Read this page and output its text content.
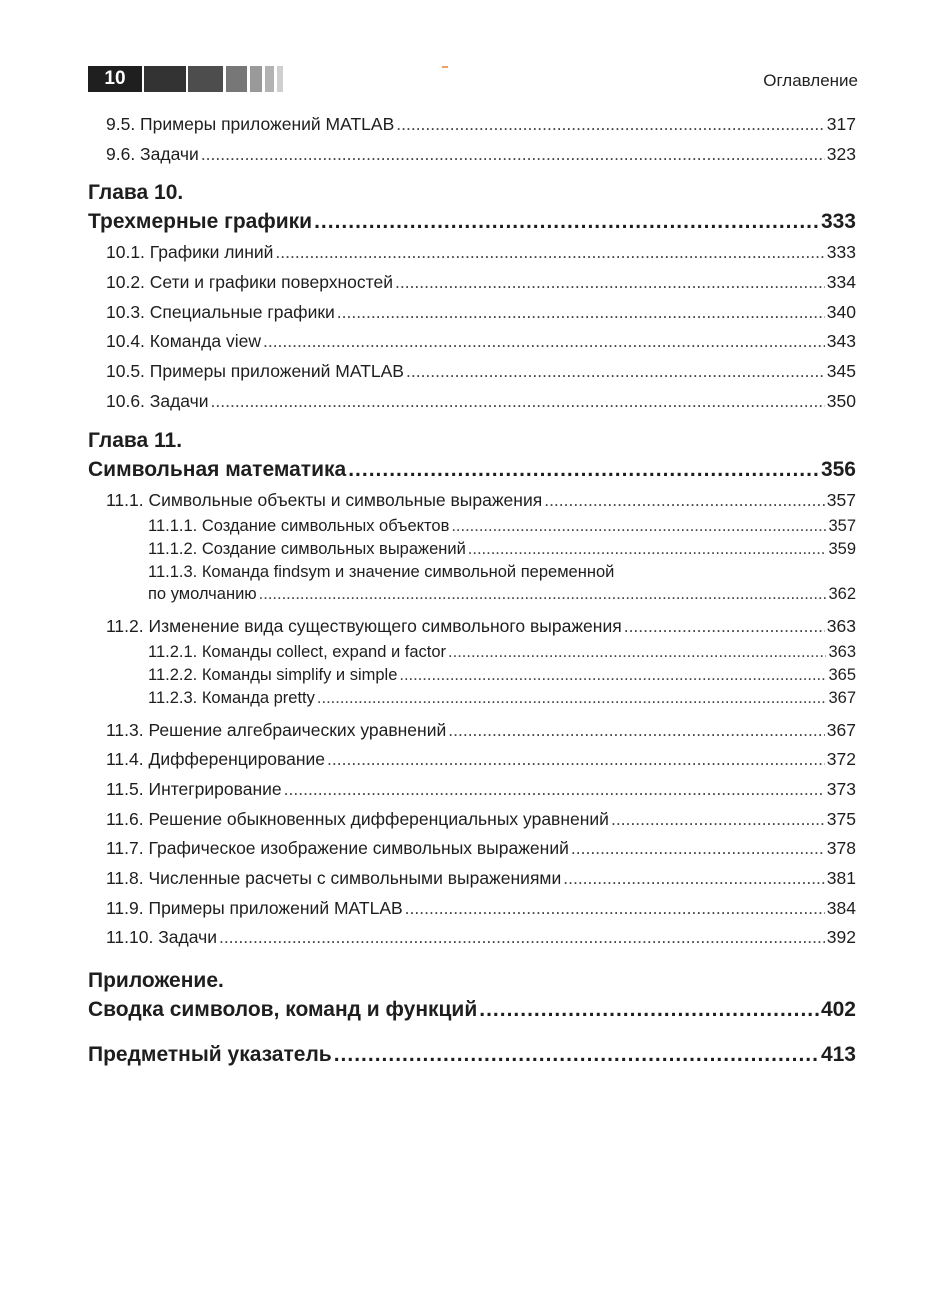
10	Оглавление
9.5. Примеры приложений MATLAB .....	317
9.6. Задачи .....	323
Глава 10.
Трехмерные графики .....	333
10.1. Графики линий .....	333
10.2. Сети и графики поверхностей .....	334
10.3. Специальные графики .....	340
10.4. Команда view .....	343
10.5. Примеры приложений MATLAB .....	345
10.6. Задачи .....	350
Глава 11.
Символьная математика .....	356
11.1. Символьные объекты и символьные выражения .....	357
11.1.1. Создание символьных объектов .....	357
11.1.2. Создание символьных выражений .....	359
11.1.3. Команда findsym и значение символьной переменной
по умолчанию .....	362
11.2. Изменение вида существующего символьного выражения .....	363
11.2.1. Команды collect, expand и factor .....	363
11.2.2. Команды simplify и simple .....	365
11.2.3. Команда pretty .....	367
11.3. Решение алгебраических уравнений .....	367
11.4. Дифференцирование .....	372
11.5. Интегрирование .....	373
11.6. Решение обыкновенных дифференциальных уравнений .....	375
11.7. Графическое изображение символьных выражений .....	378
11.8. Численные расчеты с символьными выражениями .....	381
11.9. Примеры приложений MATLAB .....	384
11.10. Задачи .....	392
Приложение.
Сводка символов, команд и функций .....	402
Предметный указатель .....	413
